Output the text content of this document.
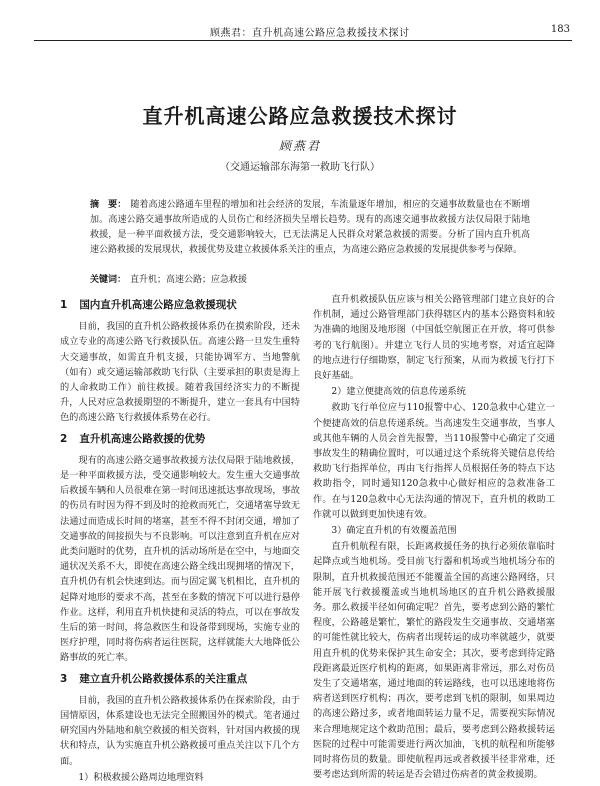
顾燕君：直升机高速公路应急救援技术探讨	183
直升机高速公路应急救援技术探讨
顾燕君
（交通运输部东海第一救助飞行队）
摘　要： 随着高速公路通车里程的增加和社会经济的发展，车流量逐年增加，相应的交通事故数量也在不断增加。高速公路交通事故所造成的人员伤亡和经济损失呈增长趋势。现有的高速交通事故救援方法仅局限于陆地救援，是一种平面救援方法，受交通影响较大，已无法满足人民群众对紧急救援的需要。分析了国内直升机高速公路救援的发展现状，救援优势及建立救援体系关注的重点，为高速公路应急救援的发展提供参考与保障。
关键词： 直升机；高速公路；应急救援
1 国内直升机高速公路应急救援现状

目前，我国的直升机公路救援体系仍在摸索阶段，还未成立专业的高速公路飞行救援队伍。高速公路一旦发生重特大交通事故，如需直升机支援，只能协调军方、当地警航（如有）或交通运输部救助飞行队（主要承担的职责是海上的人命救助工作）前往救援。随着我国经济实力的不断提升，人民对应急救援期望的不断提升，建立一套具有中国特色的高速公路飞行救援体系势在必行。

2 直升机高速公路救援的优势

现有的高速公路交通事故救援方法仅局限于陆地救援，是一种平面救援方法，受交通影响较大。发生重大交通事故后救援车辆和人员很难在第一时间迅速抵达事故现场，事故的伤员有时因为得不到及时的抢救而死亡，交通堵塞导致无法通过而造成长时间的堵塞，甚至不得不封闭交通，增加了交通事故的间接损失与不良影响。可以注意到直升机在应对此类问题时的优势，直升机的活动场所是在空中，与地面交通状况关系不大，即使在高速公路全线出现拥堵的情况下，直升机仍有机会快速到达。而与固定翼飞机相比，直升机的起降对地形的要求不高，甚至在多数的情况下可以进行悬停作业。这样，利用直升机快捷和灵活的特点，可以在事故发生后的第一时间，将急救医生和设备带到现场，实施专业的医疗护理，同时将伤病者运往医院，这样就能大大地降低公路事故的死亡率。

3 建立直升机公路救援体系的关注重点

目前，我国的直升机公路救援体系仍在探索阶段，由于国情原因，体系建设也无法完全照搬国外的模式。笔者通过研究国内外陆地和航空救援的相关资料，针对国内救援的现状和特点，认为实施直升机公路救援可重点关注以下几个方面。

1）积极救援公路周边地理资料

直升机救援队伍应该与相关公路管理部门建立良好的合作机制，通过公路管理部门获得辖区内的基本公路资料和较为准确的地图及地形图（中国低空航图正在开放，将可供参考的飞行航图）。并建立飞行人员的实地考察，对适宜起降的地点进行仔细勘察，制定飞行预案，从而为救援飞行打下良好基础。

2）建立便捷高效的信息传递系统

救助飞行单位应与110报警中心、120急救中心建立一个便捷高效的信息传递系统。当高速发生交通事故，当事人或其他车辆的人员会首先报警，当110报警中心确定了交通事故发生的精确位置时，可以通过这个系统将关键信息传给救助飞行指挥单位，再由飞行指挥人员根据任务的特点下达救助指令，同时通知120急救中心做好相应的急救准备工作。在与120急救中心无法沟通的情况下，直升机的救助工作就可以做到更加快速有效。

3）确定直升机的有效覆盖范围

直升机航程有限，长距离救援任务的执行必须依靠临时起降点或当地机场。受目前飞行器和机场或当地机场分布的限制，直升机救援范围还不能覆盖全国的高速公路网络，只能开展飞行救援覆盖或当地机场地区的直升机公路救援服务。那么救援半径如何确定呢？首先，要考虑到公路的繁忙程度，公路越是繁忙，繁忙的路段发生交通事故、交通堵塞的可能性就比较大，伤病者出现转运的成功率就越少，就要用直升机的优势来保护其生命安全；其次，要考虑到待定路段距离最近医疗机构的距离，如果距离非常远，那么对伤员发生了交通堵塞，通过地面的转运路线，也可以迅速地将伤病者送到医疗机构；再次，要考虑到飞机的限制，如果周边的高速公路过多，或者地面转运力量不足，需要视实际情况来合理地规定这个救助范围；最后，要考虑到公路救援转运医院的过程中可能需要进行两次加油，飞机的航程和所能够同时将伤员的数量。即使航程再远或者救援半径非常难，还要考虑达到所需的转运是否会错过伤病者的黄金救援期。
